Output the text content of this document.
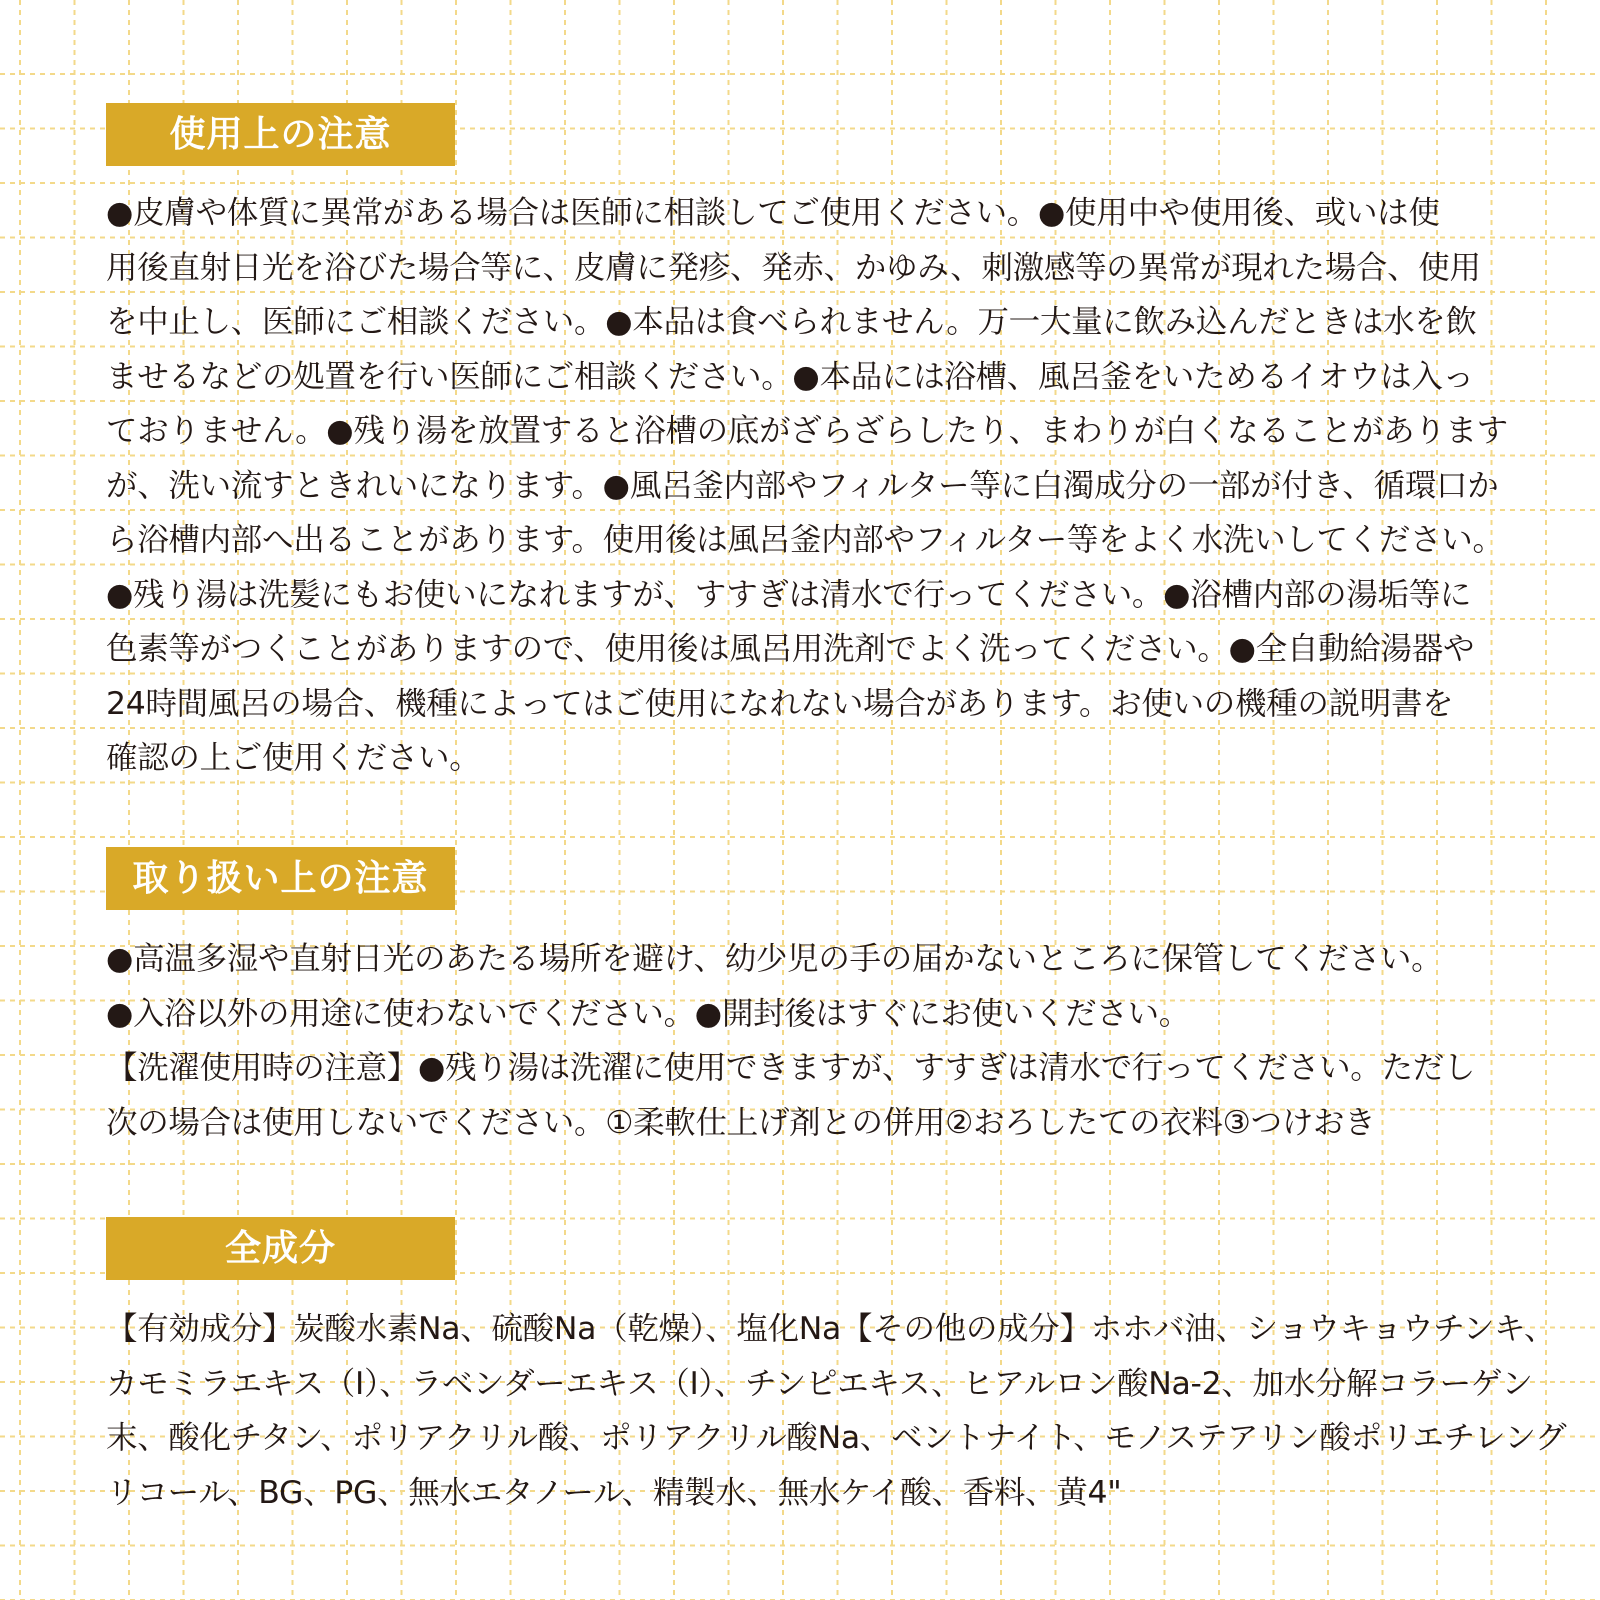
使用上の注意
●皮膚や体質に異常がある場合は医師に相談してご使用ください。●使用中や使用後、或いは使
用後直射日光を浴びた場合等に、皮膚に発疹、発赤、かゆみ、刺激感等の異常が現れた場合、使用
を中止し、医師にご相談ください。●本品は食べられません。万一大量に飲み込んだときは水を飲
ませるなどの処置を行い医師にご相談ください。●本品には浴槽、風呂釜をいためるイオウは入っ
ておりません。●残り湯を放置すると浴槽の底がざらざらしたり、まわりが白くなることがあります
が、洗い流すときれいになります。●風呂釜内部やフィルター等に白濁成分の一部が付き、循環口か
ら浴槽内部へ出ることがあります。使用後は風呂釜内部やフィルター等をよく水洗いしてください。
●残り湯は洗髪にもお使いになれますが、すすぎは清水で行ってください。●浴槽内部の湯垢等に
色素等がつくことがありますので、使用後は風呂用洗剤でよく洗ってください。●全自動給湯器や
24時間風呂の場合、機種によってはご使用になれない場合があります。お使いの機種の説明書を
確認の上ご使用ください。
取り扱い上の注意
●高温多湿や直射日光のあたる場所を避け、幼少児の手の届かないところに保管してください。
●入浴以外の用途に使わないでください。●開封後はすぐにお使いください。
【洗濯使用時の注意】●残り湯は洗濯に使用できますが、すすぎは清水で行ってください。ただし
次の場合は使用しないでください。①柔軟仕上げ剤との併用②おろしたての衣料③つけおき
全成分
【有効成分】炭酸水素Na、硫酸Na（乾燥）、塩化Na【その他の成分】ホホバ油、ショウキョウチンキ、
カモミラエキス（Ⅰ）、ラベンダーエキス（Ⅰ）、チンピエキス、ヒアルロン酸Na-2、加水分解コラーゲン
末、酸化チタン、ポリアクリル酸、ポリアクリル酸Na、ベントナイト、モノステアリン酸ポリエチレング
リコール、BG、PG、無水エタノール、精製水、無水ケイ酸、香料、黄4"
